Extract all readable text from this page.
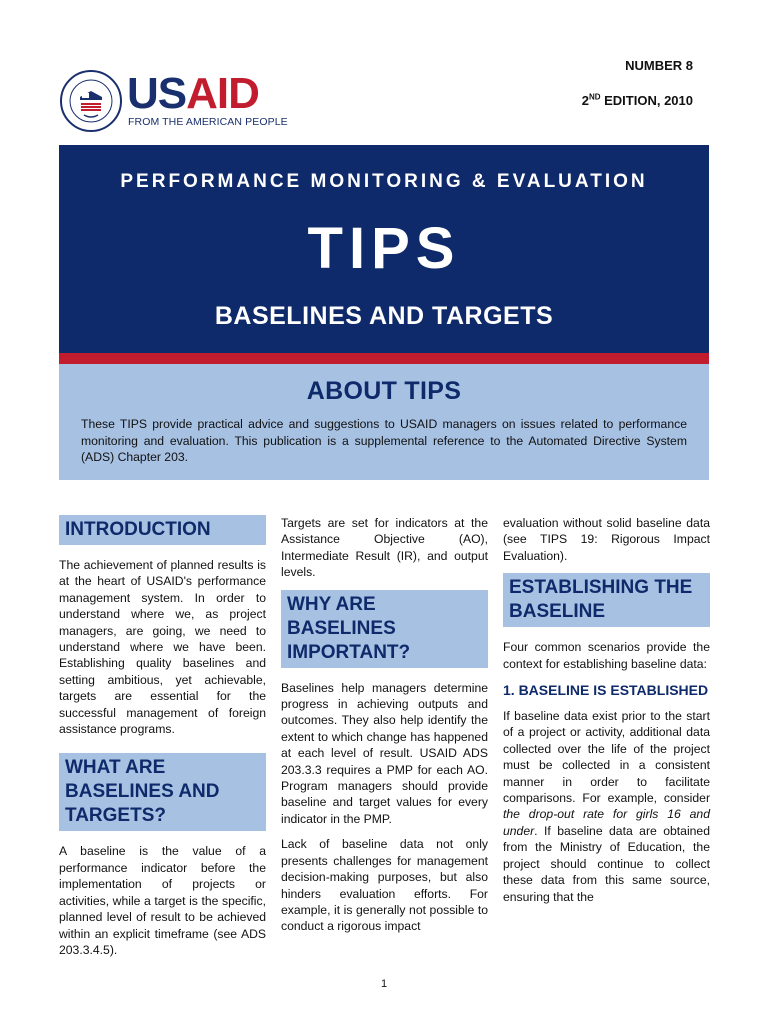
USAID
FROM THE AMERICAN PEOPLE
NUMBER 8
2ND EDITION, 2010
PERFORMANCE MONITORING & EVALUATION
TIPS
BASELINES AND TARGETS
ABOUT TIPS

These TIPS provide practical advice and suggestions to USAID managers on issues related to performance monitoring and evaluation. This publication is a supplemental reference to the Automated Directive System (ADS) Chapter 203.

INTRODUCTION

The achievement of planned results is at the heart of USAID's performance management system. In order to understand where we, as project managers, are going, we need to understand where we have been. Establishing quality baselines and setting ambitious, yet achievable, targets are essential for the successful management of foreign assistance programs.

WHAT ARE BASELINES AND TARGETS?

A baseline is the value of a performance indicator before the implementation of projects or activities, while a target is the specific, planned level of result to be achieved within an explicit timeframe (see ADS 203.3.4.5).

Targets are set for indicators at the Assistance Objective (AO), Intermediate Result (IR), and output levels.

WHY ARE BASELINES IMPORTANT?

Baselines help managers determine progress in achieving outputs and outcomes. They also help identify the extent to which change has happened at each level of result. USAID ADS 203.3.3 requires a PMP for each AO. Program managers should provide baseline and target values for every indicator in the PMP.

Lack of baseline data not only presents challenges for management decision-making purposes, but also hinders evaluation efforts. For example, it is generally not possible to conduct a rigorous impact

evaluation without solid baseline data (see TIPS 19: Rigorous Impact Evaluation).

ESTABLISHING THE BASELINE

Four common scenarios provide the context for establishing baseline data:

1. BASELINE IS ESTABLISHED

If baseline data exist prior to the start of a project or activity, additional data collected over the life of the project must be collected in a consistent manner in order to facilitate comparisons. For example, consider the drop-out rate for girls 16 and under. If baseline data are obtained from the Ministry of Education, the project should continue to collect these data from this same source, ensuring that the

1
